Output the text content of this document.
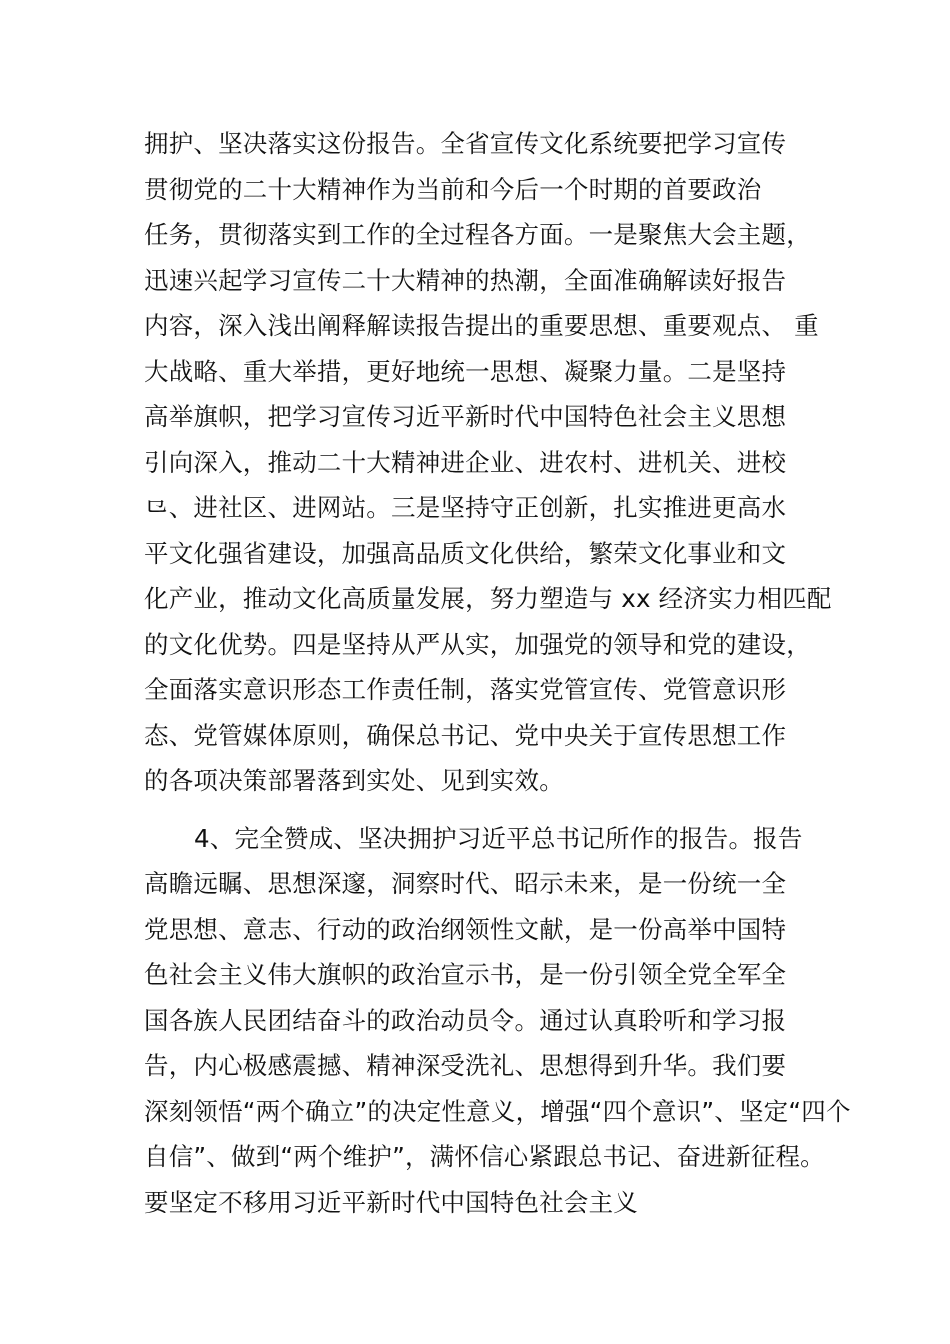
拥护、坚决落实这份报告。全省宣传文化系统要把学习宣传
贯彻党的二十大精神作为当前和今后一个时期的首要政治
任务，贯彻落实到工作的全过程各方面。一是聚焦大会主题，
迅速兴起学习宣传二十大精神的热潮，全面准确解读好报告
内容，深入浅出阐释解读报告提出的重要思想、重要观点、 重
大战略、重大举措，更好地统一思想、凝聚力量。二是坚持
高举旗帜，把学习宣传习近平新时代中国特色社会主义思想
引向深入，推动二十大精神进企业、进农村、进机关、进校
⺋、进社区、进网站。三是坚持守正创新，扎实推进更高水
平文化强省建设，加强高品质文化供给，繁荣文化事业和文
化产业，推动文化高质量发展，努力塑造与 xx 经济实力相匹配
的文化优势。四是坚持从严从实，加强党的领导和党的建设，
全面落实意识形态工作责任制，落实党管宣传、党管意识形
态、党管媒体原则，确保总书记、党中央关于宣传思想工作
的各项决策部署落到实处、见到实效。
4、完全赞成、坚决拥护习近平总书记所作的报告。报告
高瞻远瞩、思想深邃，洞察时代、昭示未来，是一份统一全
党思想、意志、行动的政治纲领性文献，是一份高举中国特
色社会主义伟大旗帜的政治宣示书，是一份引领全党全军全
国各族人民团结奋斗的政治动员令。通过认真聆听和学习报
告，内心极感震撼、精神深受洗礼、思想得到升华。我们要
深刻领悟“两个确立”的决定性意义，增强“四个意识”、坚定“四个
自信”、做到“两个维护”，满怀信心紧跟总书记、奋进新征程。
要坚定不移用习近平新时代中国特色社会主义
